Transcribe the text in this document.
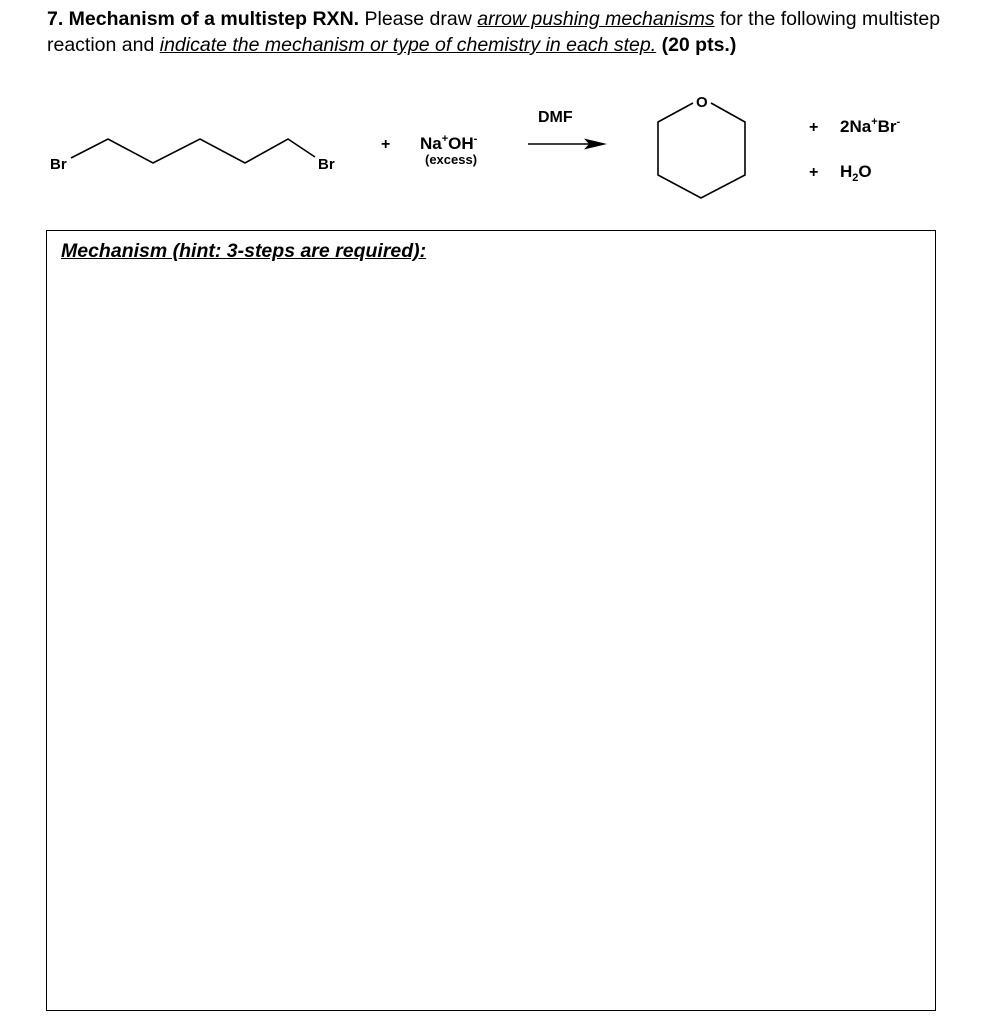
7. Mechanism of a multistep RXN. Please draw arrow pushing mechanisms for the following multistep reaction and indicate the mechanism or type of chemistry in each step. (20 pts.)
Br	Br
+ Na+OH-
(excess)
DMF
O
+ 2Na+Br-
+ $H_2O$
Mechanism (hint: 3-steps are required):
